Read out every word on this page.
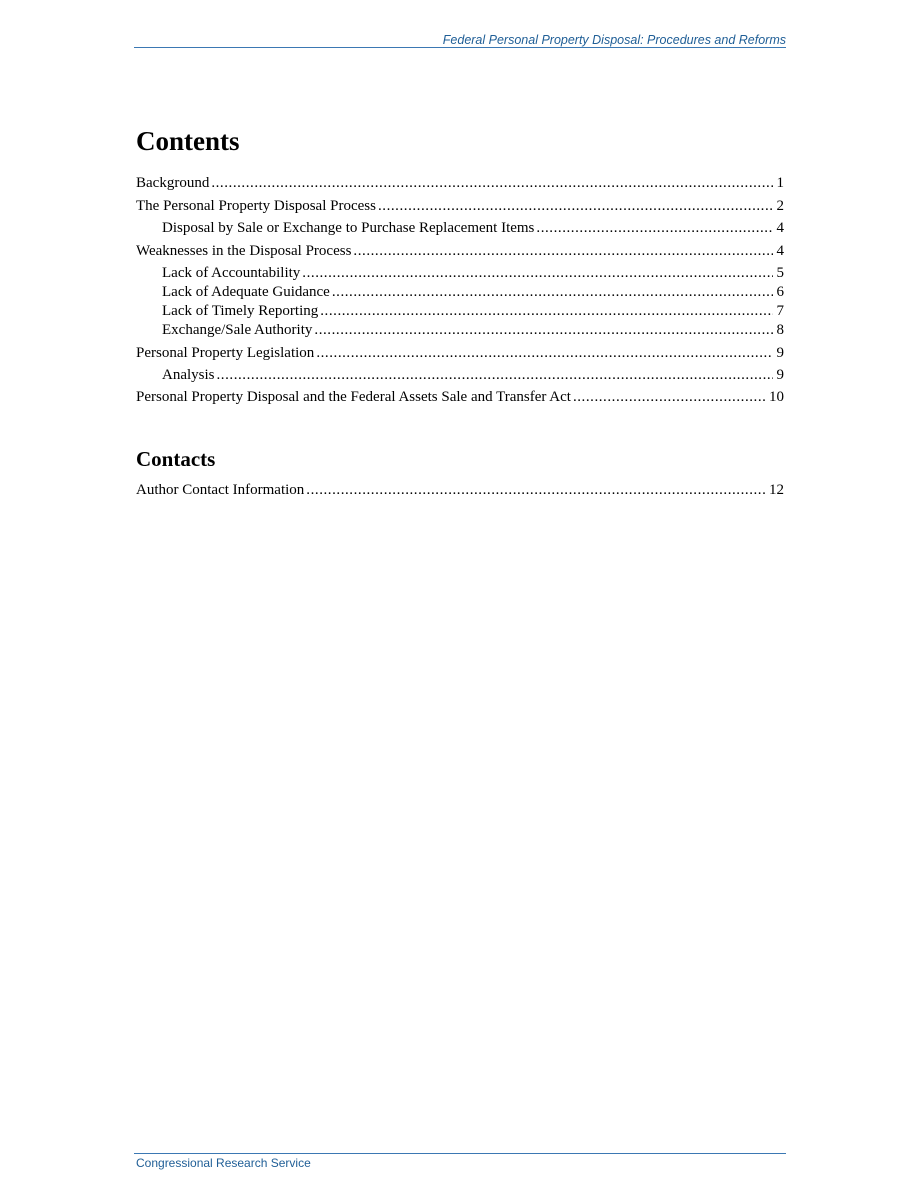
Federal Personal Property Disposal: Procedures and Reforms
Contents
Background . . .	1
The Personal Property Disposal Process . . .	2
Disposal by Sale or Exchange to Purchase Replacement Items . . .	4
Weaknesses in the Disposal Process . . .	4
Lack of Accountability . . .	5
Lack of Adequate Guidance . . .	6
Lack of Timely Reporting . . .	7
Exchange/Sale Authority . . .	8
Personal Property Legislation . . .	9
Analysis . . .	9
Personal Property Disposal and the Federal Assets Sale and Transfer Act . . .	10
Contacts
Author Contact Information . . .	12
Congressional Research Service
